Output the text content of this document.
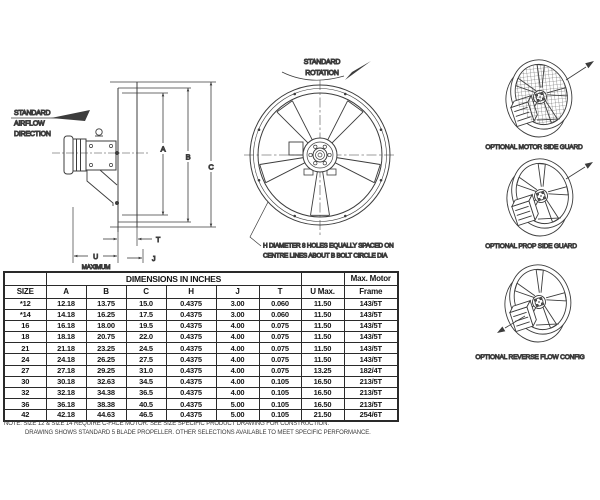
STANDARD
AIRFLOW
DIRECTION
A
B
C
T
J
U
MAXIMUM
STANDARD
ROTATION
H DIAMETER 8 HOLES EQUALLY SPACED ON
CENTRE LINES ABOUT B BOLT CIRCLE DIA
OPTIONAL MOTOR SIDE GUARD
OPTIONAL PROP SIDE GUARD
OPTIONAL REVERSE FLOW CONFIG
	DIMENSIONS IN INCHES							Max. Motor
SIZE	A	B	C	H	J	T	U Max.	Frame
*12	12.18	13.75	15.0	0.4375	3.00	0.060	11.50	143/5T
*14	14.18	16.25	17.5	0.4375	3.00	0.060	11.50	143/5T
16	16.18	18.00	19.5	0.4375	4.00	0.075	11.50	143/5T
18	18.18	20.75	22.0	0.4375	4.00	0.075	11.50	143/5T
21	21.18	23.25	24.5	0.4375	4.00	0.075	11.50	143/5T
24	24.18	26.25	27.5	0.4375	4.00	0.075	11.50	143/5T
27	27.18	29.25	31.0	0.4375	4.00	0.075	13.25	182/4T
30	30.18	32.63	34.5	0.4375	4.00	0.105	16.50	213/5T
32	32.18	34.38	36.5	0.4375	4.00	0.105	16.50	213/5T
36	36.18	38.38	40.5	0.4375	5.00	0.105	16.50	213/5T
42	42.18	44.63	46.5	0.4375	5.00	0.105	21.50	254/6T
NOTE: SIZE 12 & SIZE 14 REQUIRE C-FACE MOTOR. SEE SIZE SPECIFIC PRODUCT DRAWING FOR CONSTRUCTION.
DRAWING SHOWS STANDARD 5 BLADE PROPELLER. OTHER SELECTIONS AVAILABLE TO MEET SPECIFIC PERFORMANCE.
